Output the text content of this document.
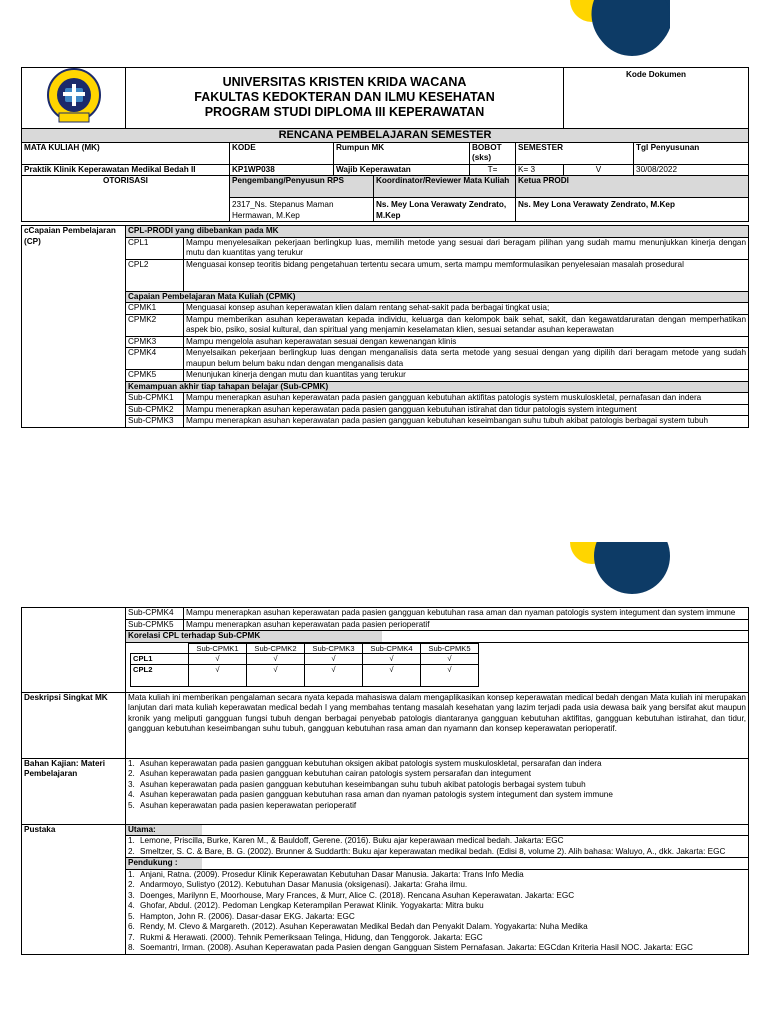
UNIVERSITAS KRISTEN KRIDA WACANA
FAKULTAS KEDOKTERAN DAN ILMU KESEHATAN
PROGRAM STUDI DIPLOMA III KEPERAWATAN						Kode Dokumen	
RENCANA PEMBELAJARAN SEMESTER								
MATA KULIAH (MK)		KODE	Rumpun MK		BOBOT (sks)	SEMESTER		Tgl Penyusunan
Praktik Klinik Keperawatan Medikal Bedah II		KP1WP038	Wajib Keperawatan		T=	K= 3	V	30/08/2022
OTORISASI		Pengembang/Penyusun RPS		Koordinator/Reviewer Mata Kuliah		Ketua PRODI		
		2317_Ns. Stepanus Maman Hermawan, M.Kep		Ns. Mey Lona Verawaty Zendrato, M.Kep		Ns. Mey Lona Verawaty Zendrato, M.Kep		
cCapaian Pembelajaran (CP)	CPL-PRODI yang dibebankan pada MK	
	CPL1	Mampu menyelesaikan pekerjaan berlingkup luas, memilih metode yang sesuai dari beragam pilihan yang sudah mamu menunjukkan kinerja dengan mutu dan kuantitas yang terukur
	CPL2	Menguasai konsep teoritis bidang pengetahuan tertentu secara umum, serta mampu memformulasikan penyelesaian masalah prosedural
	Capaian Pembelajaran Mata Kuliah (CPMK)	
	CPMK1	Menguasai konsep asuhan keperawatan klien dalam rentang sehat-sakit pada berbagai tingkat usia;
	CPMK2	Mampu memberikan asuhan keperawatan kepada individu, keluarga dan kelompok baik sehat, sakit, dan kegawatdaruratan dengan memperhatikan aspek bio, psiko, sosial kultural, dan spiritual yang menjamin keselamatan klien, sesuai setandar asuhan keperawatan
	CPMK3	Mampu mengelola asuhan keperawatan sesuai dengan kewenangan klinis
	CPMK4	Menyelsaikan pekerjaan berlingkup luas dengan menganalisis data serta metode yang sesuai dengan yang dipilih dari beragam metode yang sudah maupun belum belum baku ndan dengan menganalisis data
	CPMK5	Menunjukan kinerja dengan mutu dan kuantitas yang terukur
	Kemampuan akhir tiap tahapan belajar (Sub-CPMK)	
	Sub-CPMK1	Mampu menerapkan asuhan keperawatan pada pasien gangguan kebutuhan aktifitas patologis system muskuloskletal, pernafasan dan indera
	Sub-CPMK2	Mampu menerapkan asuhan keperawatan pada pasien gangguan kebutuhan istirahat dan tidur patologis system integument
	Sub-CPMK3	Mampu menerapkan asuhan keperawatan pada pasien gangguan kebutuhan keseimbangan suhu tubuh akibat patologis berbagai system tubuh
	Sub-CPMK4	Mampu menerapkan asuhan keperawatan pada pasien gangguan kebutuhan rasa aman dan nyaman patologis system integument dan system immune
Sub-CPMK5	Mampu menerapkan asuhan keperawatan pada pasien perioperatif

Korelasi CPL terhadap Sub-CPMK

	Sub-CPMK1	Sub-CPMK2	Sub-CPMK3	Sub-CPMK4	Sub-CPMK5
CPL1	√	√	√	√	√
CPL2	√	√	√	√	√

Deskripsi Singkat MK	Mata kuliah ini memberikan pengalaman secara nyata kepada mahasiswa dalam mengaplikasikan konsep keperawatan medical bedah dengan Mata kuliah ini merupakan lanjutan dari mata kuliah keperawatan medical bedah I yang membahas tentang masalah kesehatan yang lazim terjadi pada usia dewasa baik yang bersifat akut maupun kronik yang meliputi gangguan fungsi tubuh dengan berbagai penyebab patologis diantaranya gangguan kebutuhan aktifitas, gangguan kebutuhan istirahat, dan tidur, gangguan kebutuhan keseimbangan suhu tubuh, gangguan kebutuhan rasa aman dan nyamann dan konsep keperawatan perioperatif.
Bahan Kajian: Materi Pembelajaran	
1. Asuhan keperawatan pada pasien gangguan kebutuhan oksigen akibat patologis system muskuloskletal, persarafan dan indera
2. Asuhan keperawatan pada pasien gangguan kebutuhan cairan patologis system persarafan dan integument
3. Asuhan keperawatan pada pasien gangguan kebutuhan keseimbangan suhu tubuh akibat patologis berbagai system tubuh
4. Asuhan keperawatan pada pasien gangguan kebutuhan rasa aman dan nyaman patologis system integument dan system immune
5. Asuhan keperawatan pada pasien keperawatan perioperatif

Pustaka	Utama:

1. Lemone, Priscilla, Burke, Karen M., & Bauldoff, Gerene. (2016). Buku ajar keperawaan medical bedah. Jakarta: EGC
2. Smeltzer, S. C. & Bare, B. G. (2002). Brunner & Suddarth: Buku ajar keperawatan medikal bedah. (Edisi 8, volume 2). Alih bahasa: Waluyo, A., dkk. Jakarta: EGC

Pendukung :

1. Anjani, Ratna. (2009). Prosedur Klinik Keperawatan Kebutuhan Dasar Manusia. Jakarta: Trans Info Media
2. Andarmoyo, Sulistyo (2012). Kebutuhan Dasar Manusia (oksigenasi). Jakarta: Graha ilmu.
3. Doenges, Marilynn E, Moorhouse, Mary Frances, & Murr, Alice C. (2018). Rencana Asuhan Keperawatan. Jakarta: EGC
4. Ghofar, Abdul. (2012). Pedoman Lengkap Keterampilan Perawat Klinik. Yogyakarta: Mitra buku
5. Hampton, John R. (2006). Dasar-dasar EKG. Jakarta: EGC
6. Rendy, M. Clevo & Margareth. (2012). Asuhan Keperawatan Medikal Bedah dan Penyakit Dalam. Yogyakarta: Nuha Medika
7. Rukmi & Herawati. (2000). Tehnik Pemeriksaan Telinga, Hidung, dan Tenggorok. Jakarta: EGC
8. Soemantri, Irman. (2008). Asuhan Keperawatan pada Pasien dengan Gangguan Sistem Pernafasan. Jakarta: EGCdan Kriteria Hasil NOC. Jakarta: EGC
